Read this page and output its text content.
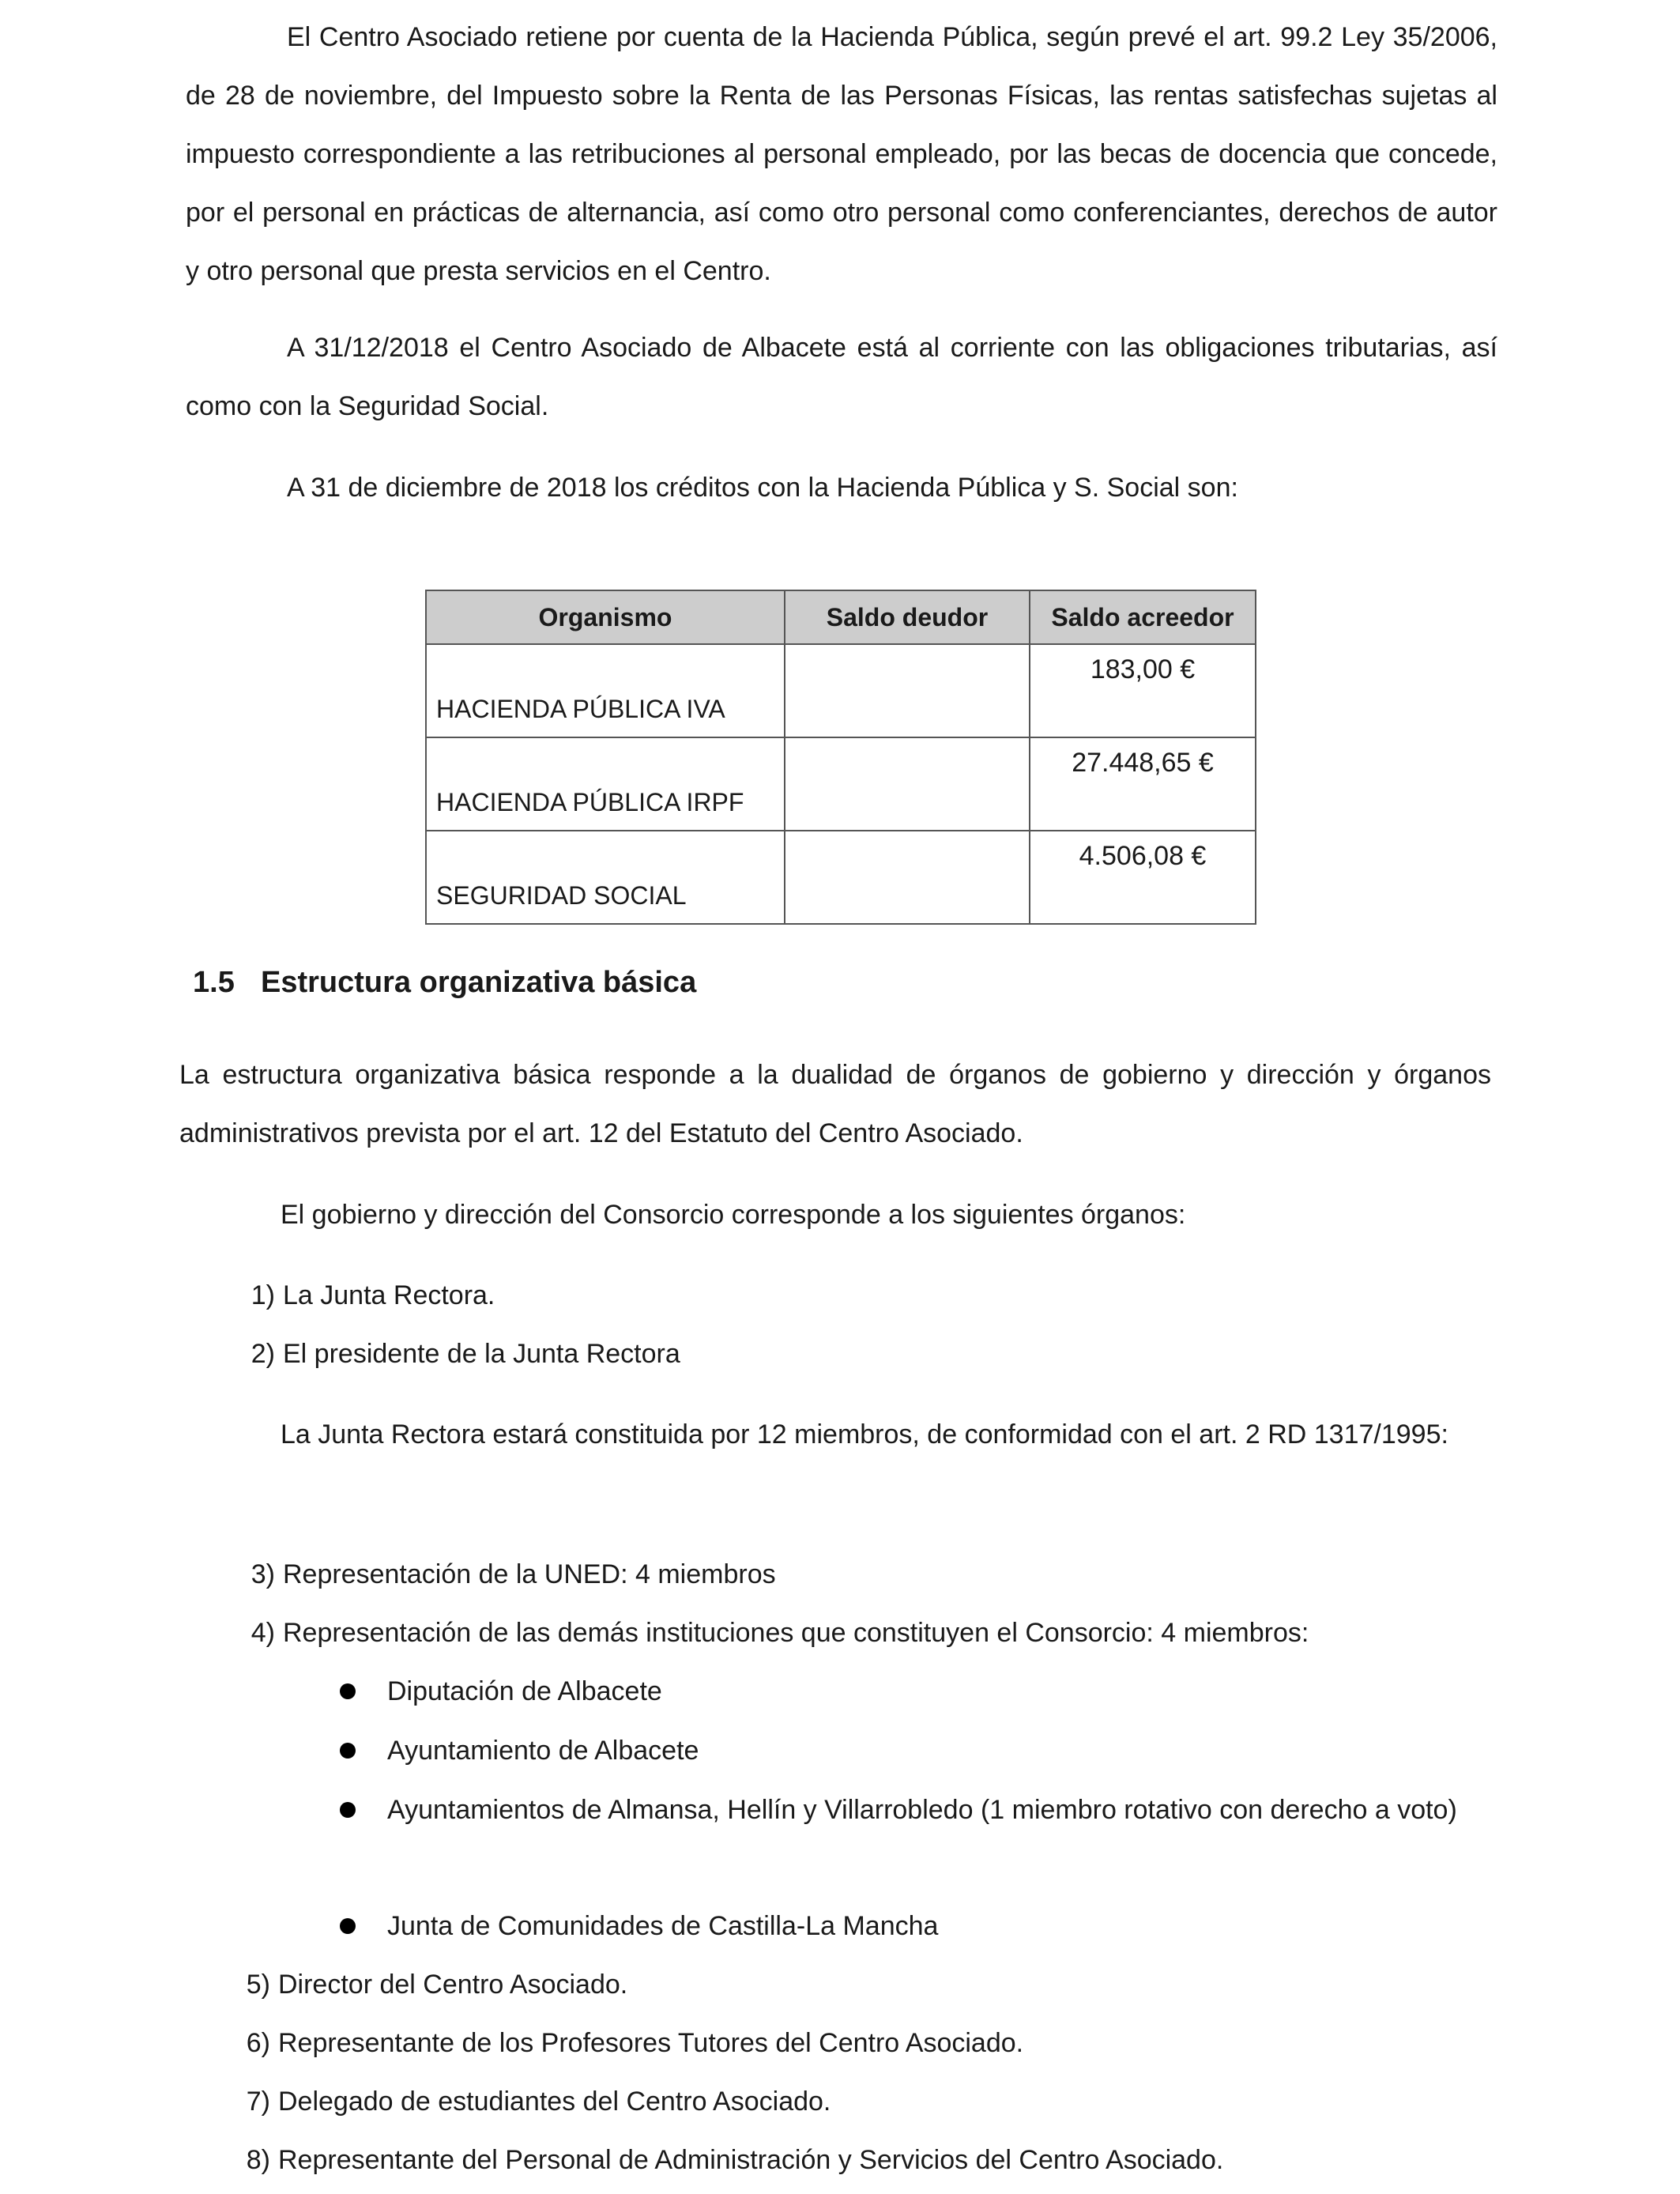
El Centro Asociado retiene por cuenta de la Hacienda Pública, según prevé el art. 99.2 Ley 35/2006, de 28 de noviembre, del Impuesto sobre la Renta de las Personas Físicas, las rentas satisfechas sujetas al impuesto correspondiente a las retribuciones al personal empleado, por las becas de docencia que concede, por el personal en prácticas de alternancia, así como otro personal como conferenciantes, derechos de autor y otro personal que presta servicios en el Centro.

A 31/12/2018 el Centro Asociado de Albacete está al corriente con las obligaciones tributarias, así como con la Seguridad Social.

A 31 de diciembre de 2018 los créditos con la Hacienda Pública y S. Social son:

Organismo	Saldo deudor	Saldo acreedor
HACIENDA PÚBLICA IVA		183,00 €
HACIENDA PÚBLICA IRPF		27.448,65 €
SEGURIDAD SOCIAL		4.506,08 €
1.5 Estructura organizativa básica

La estructura organizativa básica responde a la dualidad de órganos de gobierno y dirección y órganos administrativos prevista por el art. 12 del Estatuto del Centro Asociado.

El gobierno y dirección del Consorcio corresponde a los siguientes órganos:

1) La Junta Rectora.

2) El presidente de la Junta Rectora

La Junta Rectora estará constituida por 12 miembros, de conformidad con el art. 2 RD 1317/1995:

3) Representación de la UNED: 4 miembros

4) Representación de las demás instituciones que constituyen el Consorcio: 4 miembros:

Diputación de Albacete

Ayuntamiento de Albacete

Ayuntamientos de Almansa, Hellín y Villarrobledo (1 miembro rotativo con derecho a voto)

Junta de Comunidades de Castilla-La Mancha

5) Director del Centro Asociado.

6) Representante de los Profesores Tutores del Centro Asociado.

7) Delegado de estudiantes del Centro Asociado.

8) Representante del Personal de Administración y Servicios del Centro Asociado.
